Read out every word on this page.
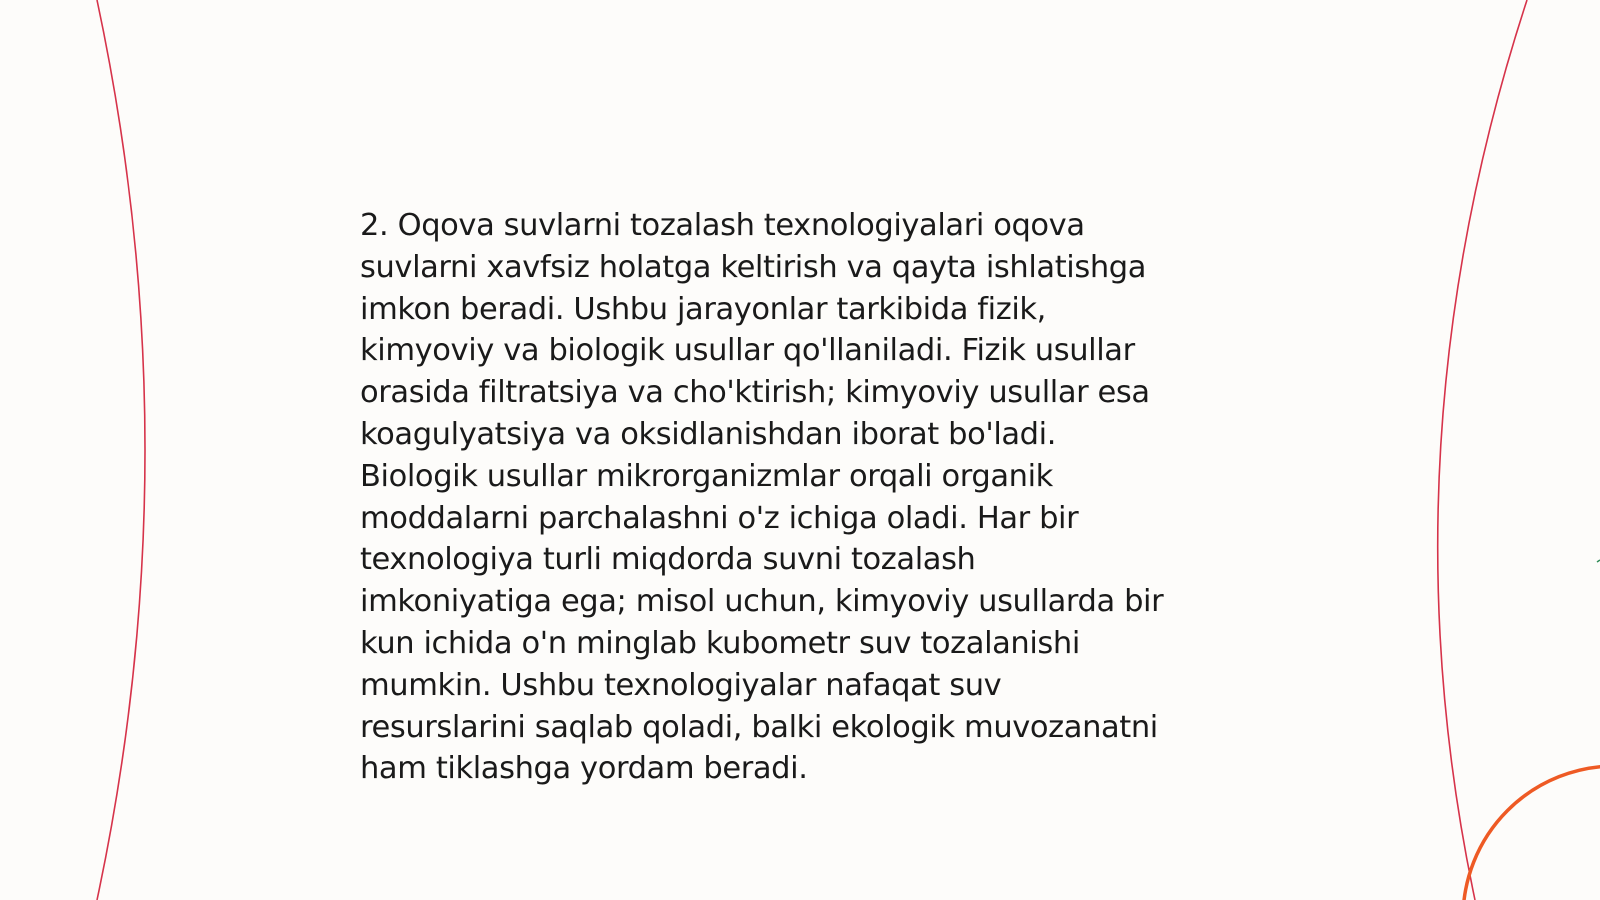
2. Oqova suvlarni tozalash texnologiyalari oqova
suvlarni xavfsiz holatga keltirish va qayta ishlatishga
imkon beradi. Ushbu jarayonlar tarkibida fizik,
kimyoviy va biologik usullar qo'llaniladi. Fizik usullar
orasida filtratsiya va cho'ktirish; kimyoviy usullar esa
koagulyatsiya va oksidlanishdan iborat bo'ladi.
Biologik usullar mikrorganizmlar orqali organik
moddalarni parchalashni o'z ichiga oladi. Har bir
texnologiya turli miqdorda suvni tozalash
imkoniyatiga ega; misol uchun, kimyoviy usullarda bir
kun ichida o'n minglab kubometr suv tozalanishi
mumkin. Ushbu texnologiyalar nafaqat suv
resurslarini saqlab qoladi, balki ekologik muvozanatni
ham tiklashga yordam beradi.
